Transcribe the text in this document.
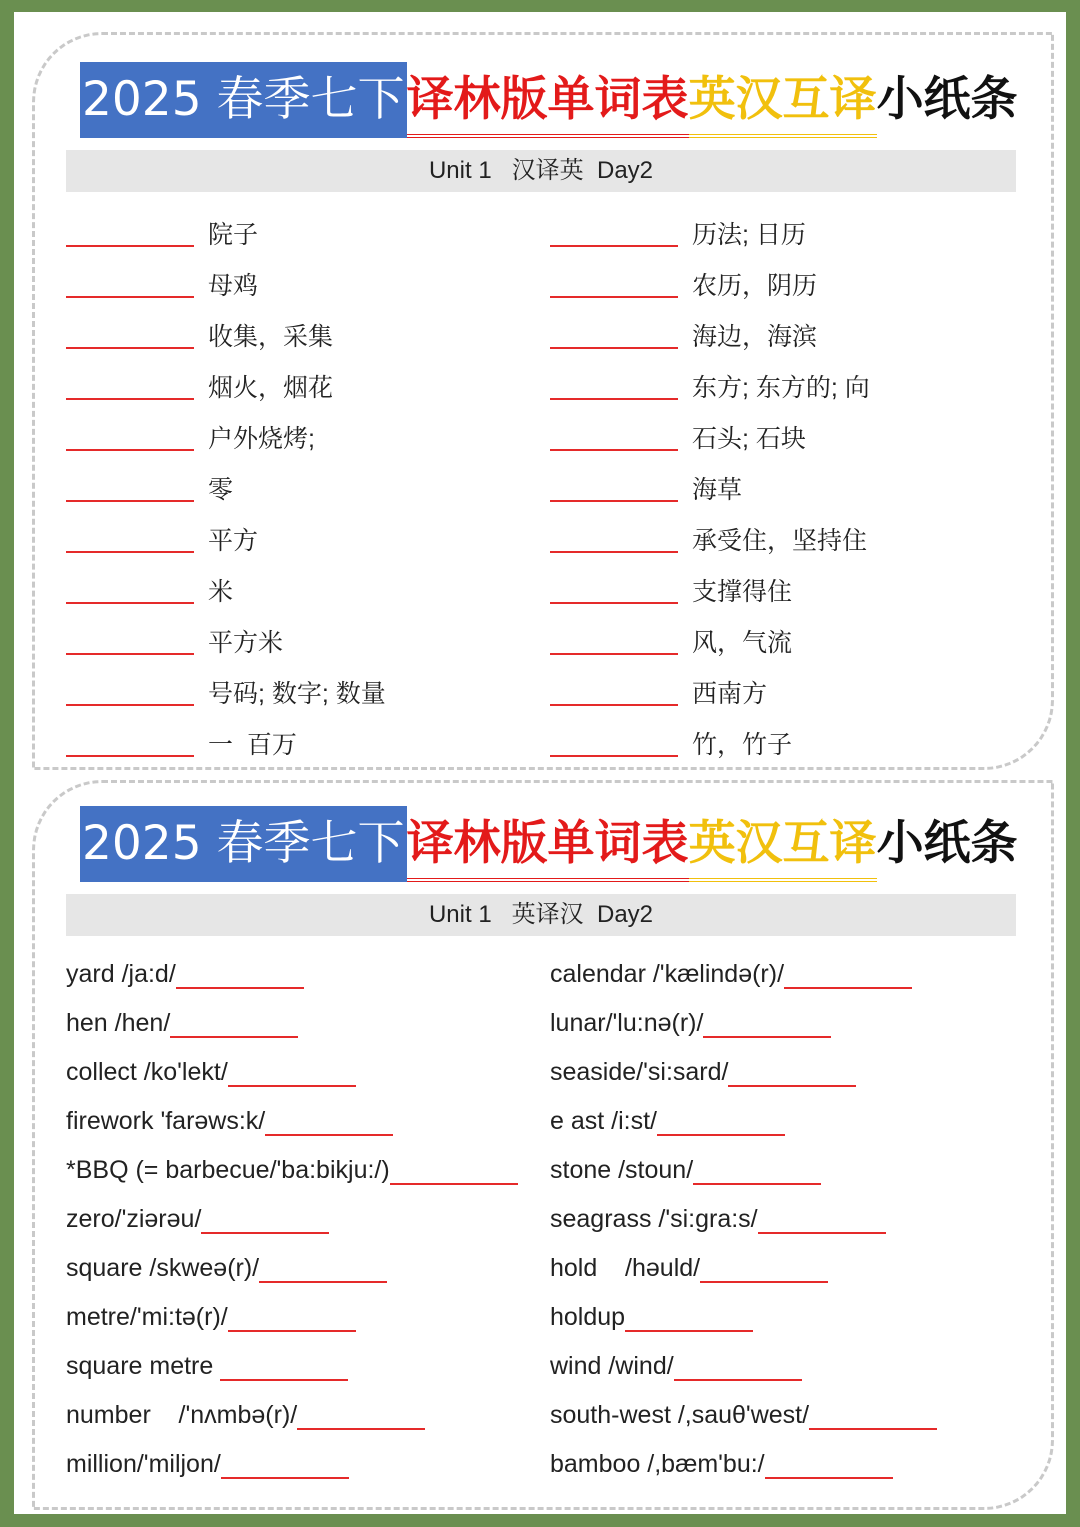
2025 春季七下 译林版单词表 英汉互译 小纸条
Unit 1   汉译英  Day2
院子
母鸡
收集，采集
烟火，烟花
户外烧烤;
零
平方
米
平方米
号码; 数字; 数量
一  百万
历法; 日历
农历，阴历
海边，海滨
东方; 东方的; 向
石头; 石块
海草
承受住，坚持住
支撑得住
风，气流
西南方
竹，竹子
2025 春季七下 译林版单词表 英汉互译 小纸条
Unit 1   英译汉  Day2
yard /ja:d/
hen /hen/
collect /ko'lekt/
firework 'farəws:k/
*BBQ (= barbecue/'ba:bikju:/)
zero/'ziərəu/
square /skweə(r)/
metre/'mi:tə(r)/
square metre
number    /'nʌmbə(r)/
million/'miljon/
calendar /'kælində(r)/
lunar/'lu:nə(r)/
seaside/'si:sard/
e ast /i:st/
stone /stoun/
seagrass /'si:gra:s/
hold    /həuld/
holdup
wind /wind/
south-west /,sauθ'west/
bamboo /,bæm'bu:/
